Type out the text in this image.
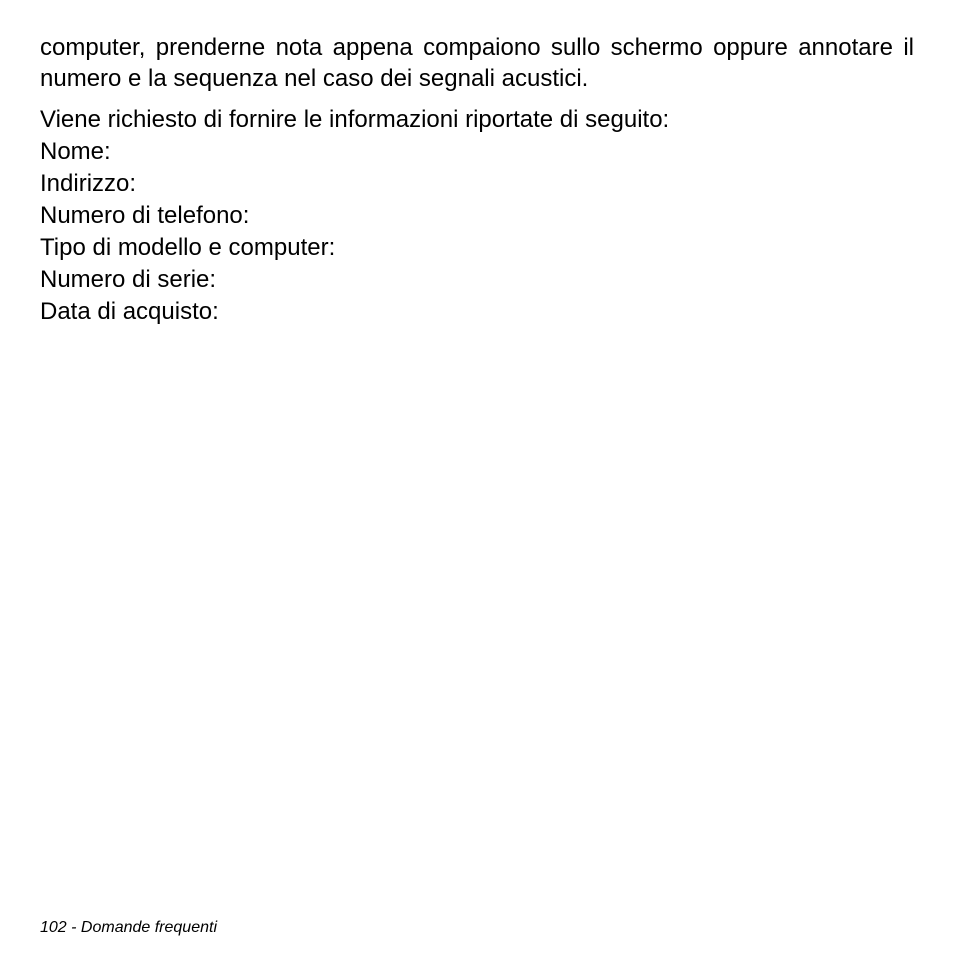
computer, prenderne nota appena compaiono sullo schermo oppure annotare il numero e la sequenza nel caso dei segnali acustici.

Viene richiesto di fornire le informazioni riportate di seguito:

Nome:
Indirizzo:
Numero di telefono:
Tipo di modello e computer:
Numero di serie:
Data di acquisto:
102 - Domande frequenti
